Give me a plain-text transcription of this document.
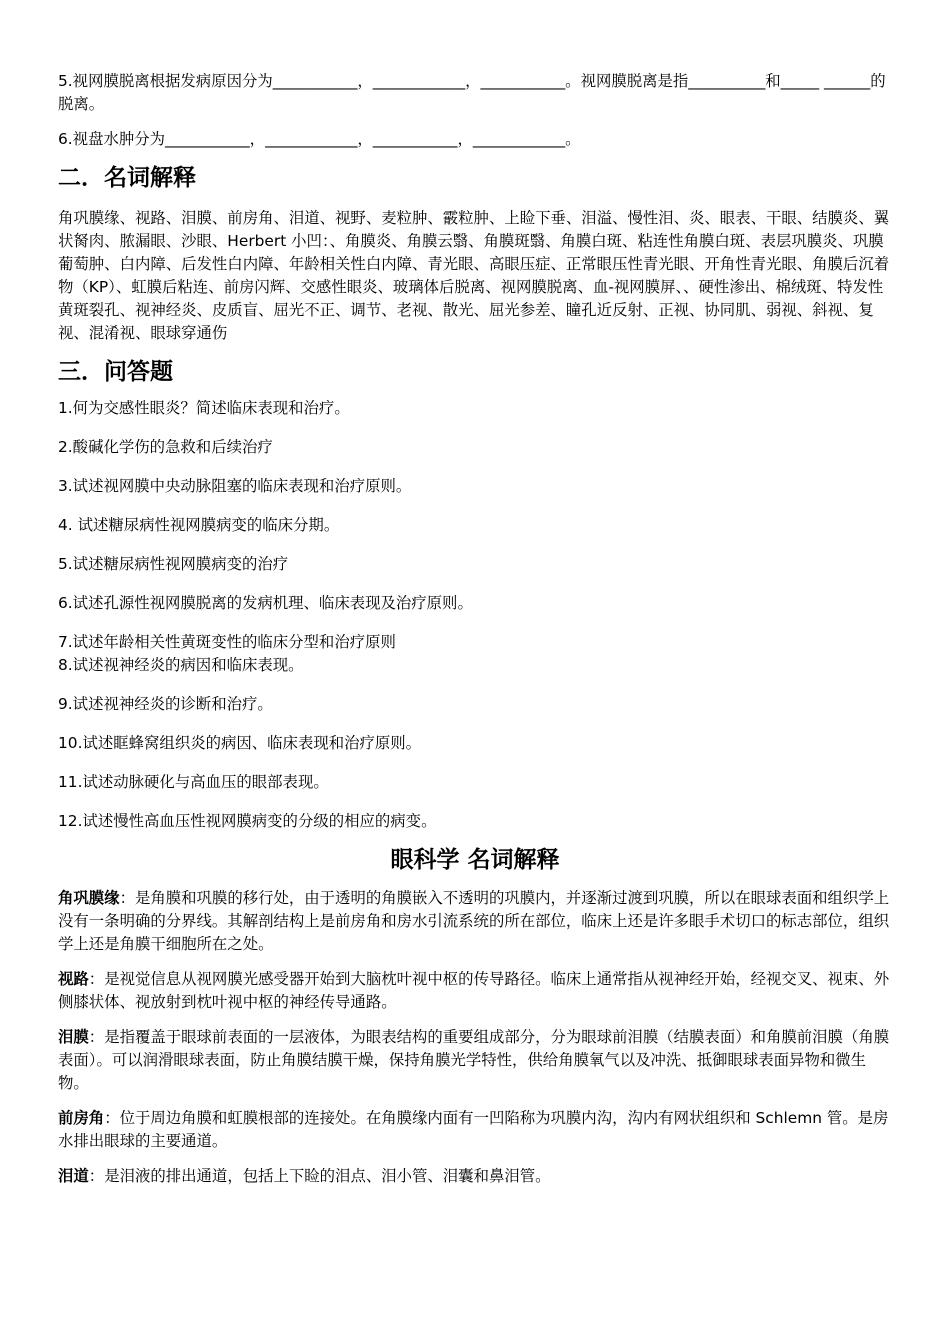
5.视网膜脱离根据发病原因分为___________，____________，___________。视网膜脱离是指__________和_____ ______的脱离。

6.视盘水肿分为___________，____________，___________，____________。

二．名词解释

角巩膜缘、视路、泪膜、前房角、泪道、视野、麦粒肿、霰粒肿、上睑下垂、泪溢、慢性泪、炎、眼表、干眼、结膜炎、翼状胬肉、脓漏眼、沙眼、Herbert 小凹：、角膜炎、角膜云翳、角膜斑翳、角膜白斑、粘连性角膜白斑、表层巩膜炎、巩膜葡萄肿、白内障、后发性白内障、年龄相关性白内障、青光眼、高眼压症、正常眼压性青光眼、开角性青光眼、角膜后沉着物（KP）、虹膜后粘连、前房闪辉、交感性眼炎、玻璃体后脱离、视网膜脱离、血-视网膜屏、、硬性渗出、棉绒斑、特发性黄斑裂孔、视神经炎、皮质盲、屈光不正、调节、老视、散光、屈光参差、瞳孔近反射、正视、协同肌、弱视、斜视、复视、混淆视、眼球穿通伤

三．问答题

1.何为交感性眼炎？简述临床表现和治疗。

2.酸碱化学伤的急救和后续治疗

3.试述视网膜中央动脉阻塞的临床表现和治疗原则。

4. 试述糖尿病性视网膜病变的临床分期。

5.试述糖尿病性视网膜病变的治疗

6.试述孔源性视网膜脱离的发病机理、临床表现及治疗原则。

7.试述年龄相关性黄斑变性的临床分型和治疗原则

8.试述视神经炎的病因和临床表现。

9.试述视神经炎的诊断和治疗。

10.试述眶蜂窝组织炎的病因、临床表现和治疗原则。

11.试述动脉硬化与高血压的眼部表现。

12.试述慢性高血压性视网膜病变的分级的相应的病变。

眼科学 名词解释

角巩膜缘：是角膜和巩膜的移行处，由于透明的角膜嵌入不透明的巩膜内，并逐渐过渡到巩膜，所以在眼球表面和组织学上没有一条明确的分界线。其解剖结构上是前房角和房水引流系统的所在部位，临床上还是许多眼手术切口的标志部位，组织学上还是角膜干细胞所在之处。

视路：是视觉信息从视网膜光感受器开始到大脑枕叶视中枢的传导路径。临床上通常指从视神经开始，经视交叉、视束、外侧膝状体、视放射到枕叶视中枢的神经传导通路。

泪膜：是指覆盖于眼球前表面的一层液体，为眼表结构的重要组成部分，分为眼球前泪膜（结膜表面）和角膜前泪膜（角膜表面）。可以润滑眼球表面，防止角膜结膜干燥，保持角膜光学特性，供给角膜氧气以及冲洗、抵御眼球表面异物和微生物。

前房角：位于周边角膜和虹膜根部的连接处。在角膜缘内面有一凹陷称为巩膜内沟，沟内有网状组织和 Schlemn 管。是房水排出眼球的主要通道。

泪道：是泪液的排出通道，包括上下睑的泪点、泪小管、泪囊和鼻泪管。
